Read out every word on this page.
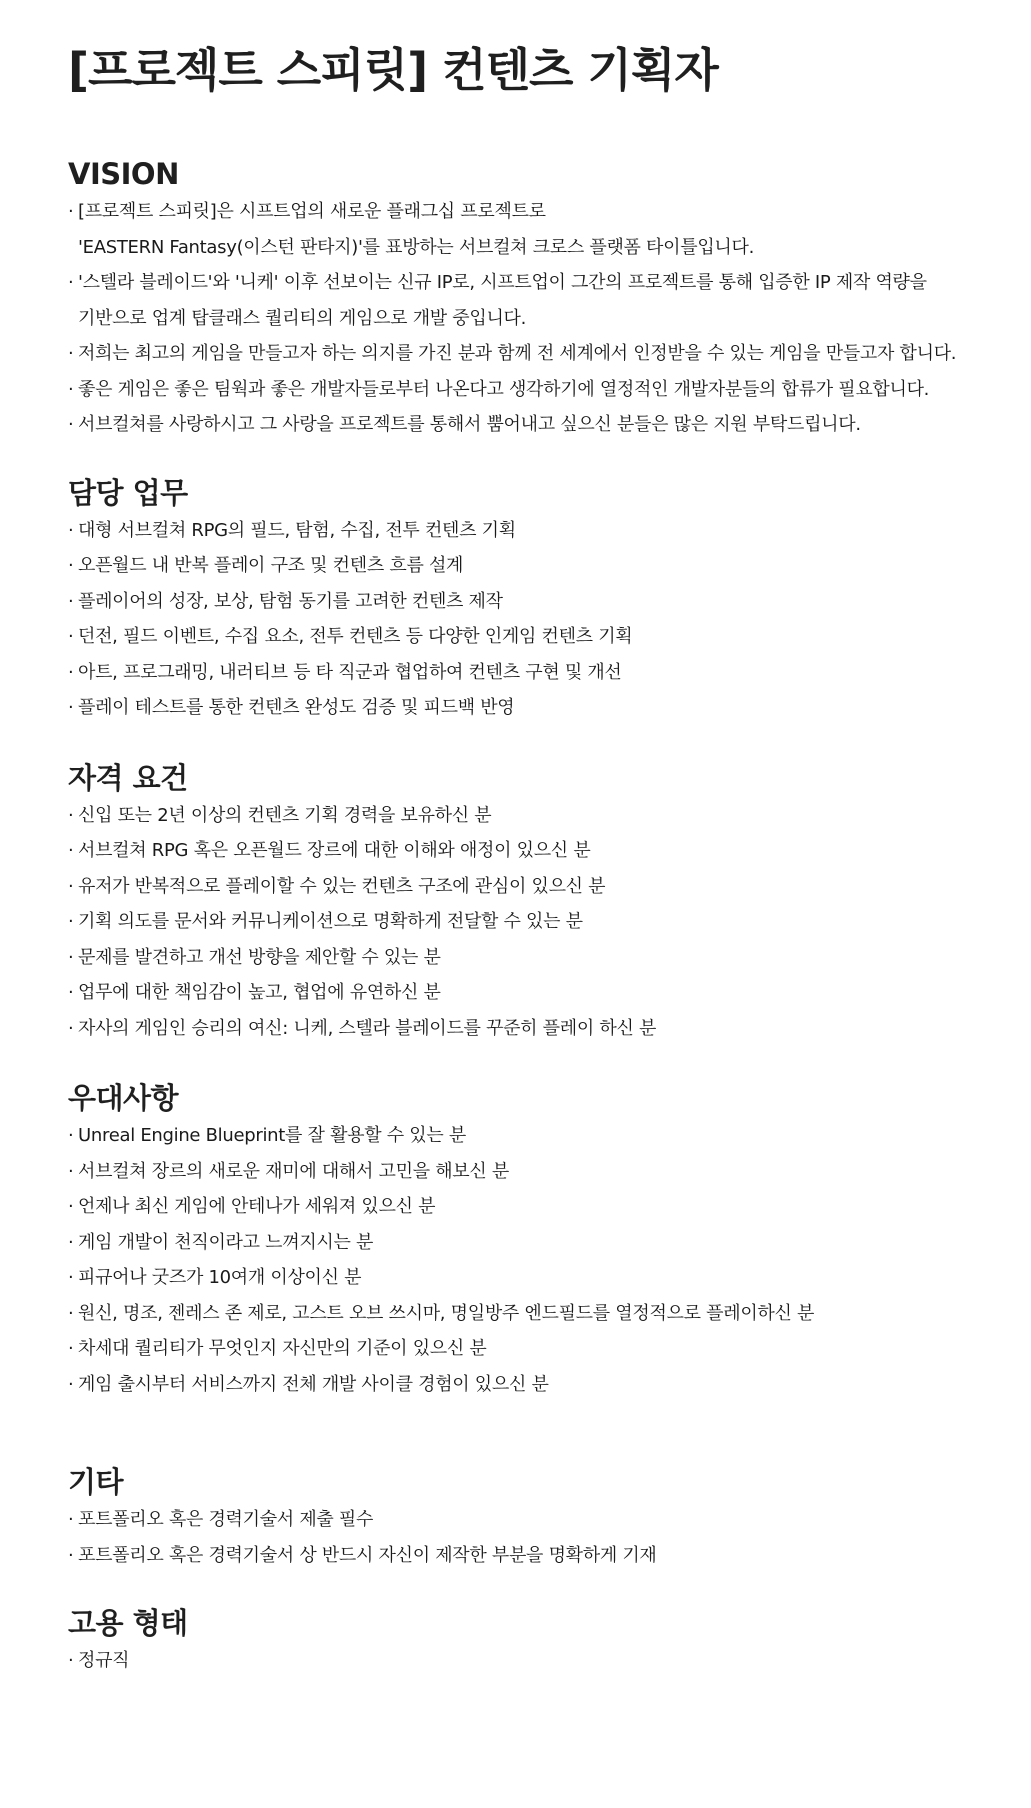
[프로젝트 스피릿] 컨텐츠 기획자
VISION
· [프로젝트 스피릿]은 시프트업의 새로운 플래그십 프로젝트로
'EASTERN Fantasy(이스턴 판타지)'를 표방하는 서브컬쳐 크로스 플랫폼 타이틀입니다.
· '스텔라 블레이드'와 '니케' 이후 선보이는 신규 IP로, 시프트업이 그간의 프로젝트를 통해 입증한 IP 제작 역량을
기반으로 업계 탑클래스 퀄리티의 게임으로 개발 중입니다.
· 저희는 최고의 게임을 만들고자 하는 의지를 가진 분과 함께 전 세계에서 인정받을 수 있는 게임을 만들고자 합니다.
· 좋은 게임은 좋은 팀웍과 좋은 개발자들로부터 나온다고 생각하기에 열정적인 개발자분들의 합류가 필요합니다.
· 서브컬쳐를 사랑하시고 그 사랑을 프로젝트를 통해서 뿜어내고 싶으신 분들은 많은 지원 부탁드립니다.
담당 업무
· 대형 서브컬쳐 RPG의 필드, 탐험, 수집, 전투 컨텐츠 기획
· 오픈월드 내 반복 플레이 구조 및 컨텐츠 흐름 설계
· 플레이어의 성장, 보상, 탐험 동기를 고려한 컨텐츠 제작
· 던전, 필드 이벤트, 수집 요소, 전투 컨텐츠 등 다양한 인게임 컨텐츠 기획
· 아트, 프로그래밍, 내러티브 등 타 직군과 협업하여 컨텐츠 구현 및 개선
· 플레이 테스트를 통한 컨텐츠 완성도 검증 및 피드백 반영
자격 요건
· 신입 또는 2년 이상의 컨텐츠 기획 경력을 보유하신 분
· 서브컬쳐 RPG 혹은 오픈월드 장르에 대한 이해와 애정이 있으신 분
· 유저가 반복적으로 플레이할 수 있는 컨텐츠 구조에 관심이 있으신 분
· 기획 의도를 문서와 커뮤니케이션으로 명확하게 전달할 수 있는 분
· 문제를 발견하고 개선 방향을 제안할 수 있는 분
· 업무에 대한 책임감이 높고, 협업에 유연하신 분
· 자사의 게임인 승리의 여신: 니케, 스텔라 블레이드를 꾸준히 플레이 하신 분
우대사항
· Unreal Engine Blueprint를 잘 활용할 수 있는 분
· 서브컬쳐 장르의 새로운 재미에 대해서 고민을 해보신 분
· 언제나 최신 게임에 안테나가 세워져 있으신 분
· 게임 개발이 천직이라고 느껴지시는 분
· 피규어나 굿즈가 10여개 이상이신 분
· 원신, 명조, 젠레스 존 제로, 고스트 오브 쓰시마, 명일방주 엔드필드를 열정적으로 플레이하신 분
· 차세대 퀄리티가 무엇인지 자신만의 기준이 있으신 분
· 게임 출시부터 서비스까지 전체 개발 사이클 경험이 있으신 분
기타
· 포트폴리오 혹은 경력기술서 제출 필수
· 포트폴리오 혹은 경력기술서 상 반드시 자신이 제작한 부분을 명확하게 기재
고용 형태
· 정규직
